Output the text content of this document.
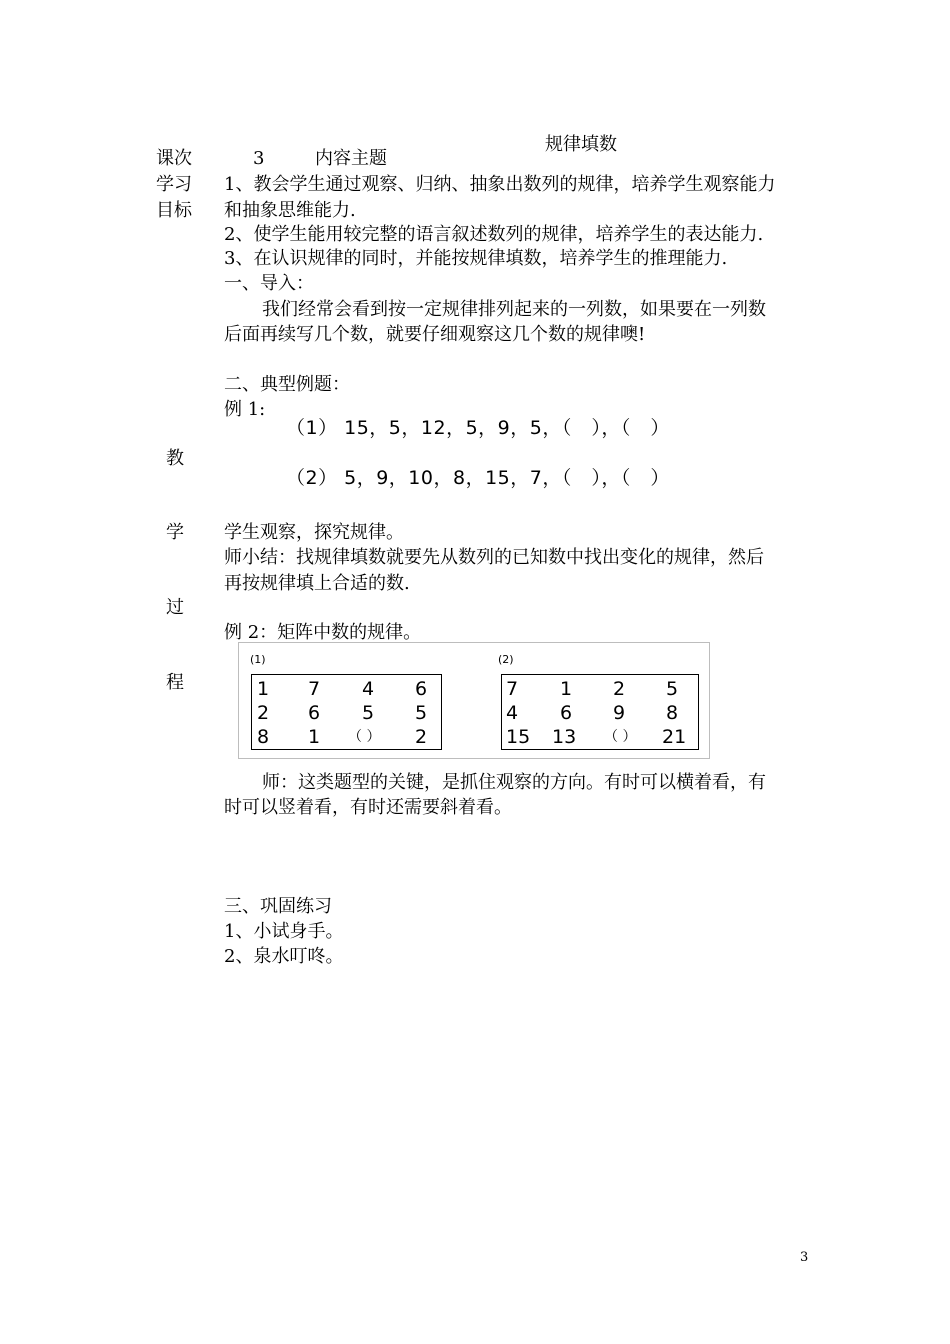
规律填数
课次	3	内容主题
学习
目标
1、教会学生通过观察、归纳、抽象出数列的规律，培养学生观察能力
和抽象思维能力.
2、使学生能用较完整的语言叙述数列的规律，培养学生的表达能力.
3、在认识规律的同时，并能按规律填数，培养学生的推理能力.
一、导入：
我们经常会看到按一定规律排列起来的一列数，如果要在一列数
后面再续写几个数，就要仔细观察这几个数的规律噢!
二、典型例题：
例 1:
（1） 15，5，12，5，9，5，（　），（　）
（2） 5，9，10，8，15，7，（　），（　）
教
学
过
程
学生观察，探究规律。
师小结：找规律填数就要先从数列的已知数中找出变化的规律，然后
再按规律填上合适的数.
例 2：矩阵中数的规律。
(1)	(2)
1 7 4 6
2 6 5 5
8 1 （ ） 2
7 1 2 5
4 6 9 8
15 13 （ ） 21
师：这类题型的关键，是抓住观察的方向。有时可以横着看，有
时可以竖着看，有时还需要斜着看。
三、巩固练习
1、小试身手。
2、泉水叮咚。
3
